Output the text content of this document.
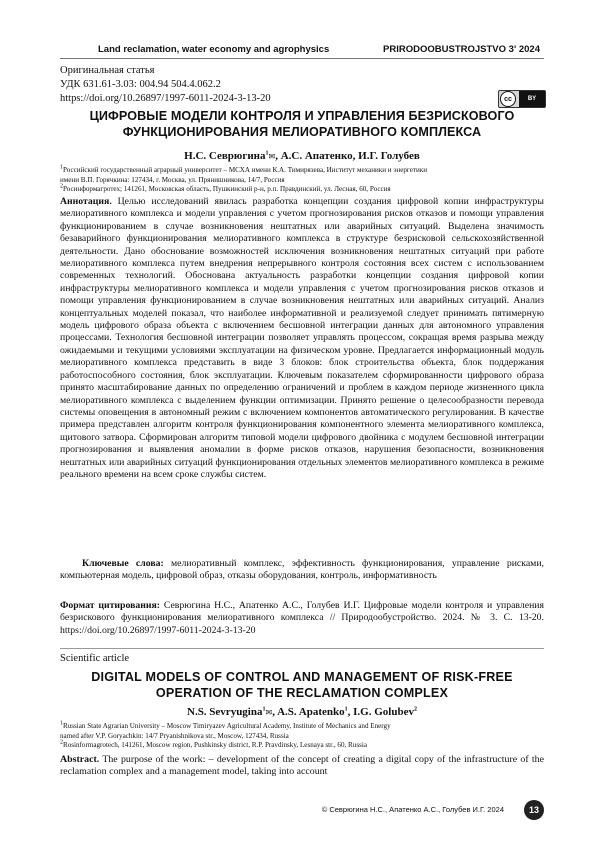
Land reclamation, water economy and agrophysics	PRIRODOOBUSTROJSTVO 3' 2024
Оригинальная статья
УДК 631.61-3.03: 004.94 504.4.062.2
https://doi.org/10.26897/1997-6011-2024-3-13-20	cc	BY
ЦИФРОВЫЕ МОДЕЛИ КОНТРОЛЯ И УПРАВЛЕНИЯ БЕЗРИСКОВОГО ФУНКЦИОНИРОВАНИЯ МЕЛИОРАТИВНОГО КОМПЛЕКСА
Н.С. Севрюгина$^1$✉, А.С. Апатенко, И.Г. Голубев
$^1$Российский государственный аграрный университет – МСХА имени К.А. Тимирязева, Институт механики и энергетики
имени В.П. Горячкина: 127434, г. Москва, ул. Прянишникова, 14/7, Россия
$^2$Росинформагротех; 141261, Московская область, Пушкинский р-н, р.п. Правдинский, ул. Лесная, 60, Россия
Аннотация. Целью исследований явилась разработка концепции создания цифровой копии инфраструктуры мелиоративного комплекса и модели управления с учетом прогнозирования рисков отказов и помощи управления функционированием в случае возникновения нештатных или аварийных ситуаций. Выделена значимость безаварийного функционирования мелиоративного комплекса в структуре безрисковой сельскохозяйственной деятельности. Дано обоснование возможностей исключения возникновения нештатных ситуаций при работе мелиоративного комплекса путем внедрения непрерывного контроля состояния всех систем с использованием современных технологий. Обоснована актуальность разработки концепции создания цифровой копии инфраструктуры мелиоративного комплекса и модели управления с учетом прогнозирования рисков отказов и помощи управления функционированием в случае возникновения нештатных или аварийных ситуаций. Анализ концептуальных моделей показал, что наиболее информативной и реализуемой следует принимать пятимерную модель цифрового образа объекта с включением бесшовной интеграции данных для автономного управления процессами. Технология бесшовной интеграции позволяет управлять процессом, сокращая время разрыва между ожидаемыми и текущими условиями эксплуатации на физическом уровне. Предлагается информационный модуль мелиоративного комплекса представить в виде 3 блоков: блок строительства объекта, блок поддержания работоспособного состояния, блок эксплуатации. Ключевым показателем сформированности цифрового образа принято масштабирование данных по определению ограничений и проблем в каждом периоде жизненного цикла мелиоративного комплекса с выделением функции оптимизации. Принято решение о целесообразности перевода системы оповещения в автономный режим с включением компонентов автоматического регулирования. В качестве примера представлен алгоритм контроля функционирования компонентного элемента мелиоративного комплекса, щитового затвора. Сформирован алгоритм типовой модели цифрового двойника с модулем бесшовной интеграции прогнозирования и выявления аномалии в форме рисков отказов, нарушения безопасности, возникновения нештатных или аварийных ситуаций функционирования отдельных элементов мелиоративного комплекса в режиме реального времени на всем сроке службы систем.
Ключевые слова: мелиоративный комплекс, эффективность функционирования, управление рисками, компьютерная модель, цифровой образ, отказы оборудования, контроль, информативность
Формат цитирования: Севрюгина Н.С., Апатенко А.С., Голубев И.Г. Цифровые модели контроля и управления безрискового функционирования мелиоративного комплекса // Природообустройство. 2024. № 3. С. 13-20. https://doi.org/10.26897/1997-6011-2024-3-13-20
Scientific article
DIGITAL MODELS OF CONTROL AND MANAGEMENT OF RISK-FREE OPERATION OF THE RECLAMATION COMPLEX
N.S. Sevryugina$^1$✉, A.S. Apatenko$^1$, I.G. Golubev$^2$
$^1$Russian State Agrarian University – Moscow Timiryazev Agricultural Academy, Institute of Mechanics and Energy
named after V.P. Goryachkin: 14/7 Pryanishnikova str., Moscow, 127434, Russia
$^2$Rosinformagrotech, 141261, Moscow region, Pushkinsky district, R.P. Pravdinsky, Lesnaya str., 60, Russia
Abstract. The purpose of the work: – development of the concept of creating a digital copy of the infrastructure of the reclamation complex and a management model, taking into account
© Севрюгина Н.С., Апатенко А.С., Голубев И.Г. 2024	13
